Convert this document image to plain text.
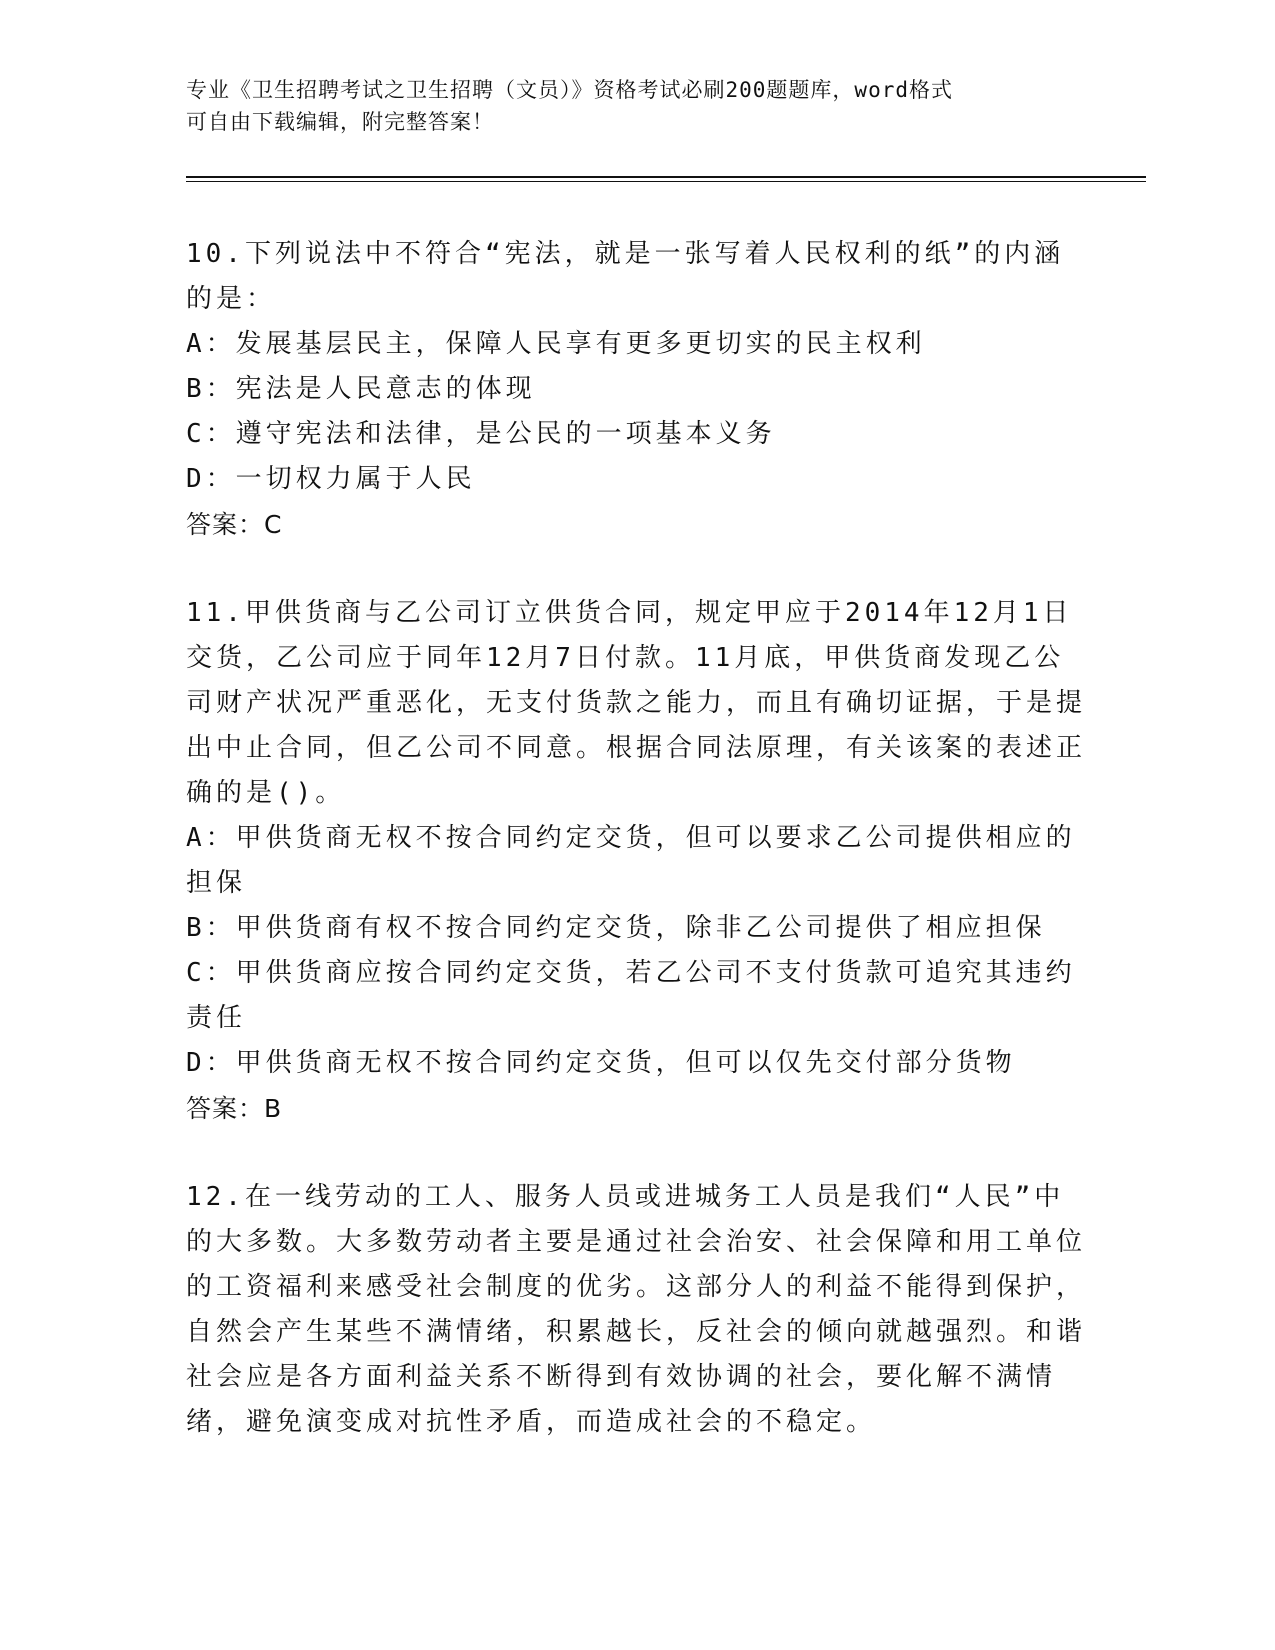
专业《卫生招聘考试之卫生招聘（文员）》资格考试必刷200题题库，word格式
可自由下载编辑，附完整答案！

10.下列说法中不符合“宪法，就是一张写着人民权利的纸”的内涵的是：

A：发展基层民主，保障人民享有更多更切实的民主权利

B：宪法是人民意志的体现

C：遵守宪法和法律，是公民的一项基本义务

D：一切权力属于人民

答案：C

11.甲供货商与乙公司订立供货合同，规定甲应于2014年12月1日交货，乙公司应于同年12月7日付款。11月底，甲供货商发现乙公司财产状况严重恶化，无支付货款之能力，而且有确切证据，于是提出中止合同，但乙公司不同意。根据合同法原理，有关该案的表述正确的是()。

A：甲供货商无权不按合同约定交货，但可以要求乙公司提供相应的担保

B：甲供货商有权不按合同约定交货，除非乙公司提供了相应担保

C：甲供货商应按合同约定交货，若乙公司不支付货款可追究其违约责任

D：甲供货商无权不按合同约定交货，但可以仅先交付部分货物

答案：B

12.在一线劳动的工人、服务人员或进城务工人员是我们“人民”中的大多数。大多数劳动者主要是通过社会治安、社会保障和用工单位的工资福利来感受社会制度的优劣。这部分人的利益不能得到保护，自然会产生某些不满情绪，积累越长，反社会的倾向就越强烈。和谐社会应是各方面利益关系不断得到有效协调的社会，要化解不满情绪，避免演变成对抗性矛盾，而造成社会的不稳定。
